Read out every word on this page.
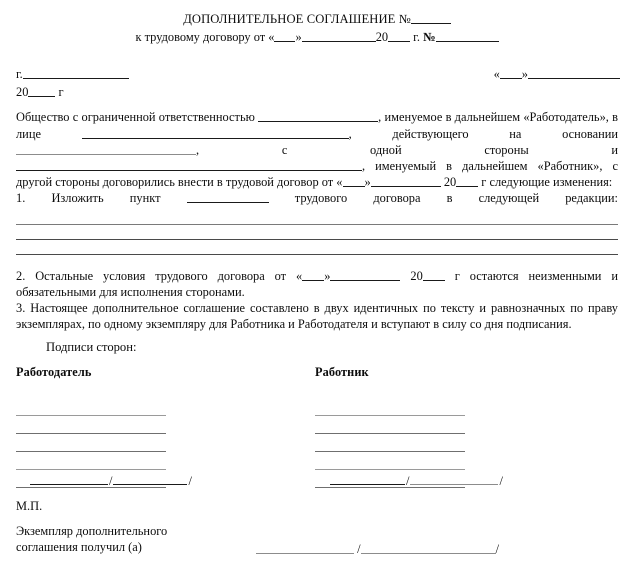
ДОПОЛНИТЕЛЬНОЕ СОГЛАШЕНИЕ №
к трудовому договору от « »	20 г. №
г.
20 г
« »
Общество с ограниченной ответственностью	, именуемое в дальнейшем «Работодатель», в лице	, действующего на основании , с одной стороны и , именуемый в дальнейшем «Работник», с другой стороны договорились внести в трудовой договор от « »	20 г следующие изменения:
1. Изложить пункт	трудового договора в следующей редакции:
2. Остальные условия трудового договора от « »	20 г остаются неизменными и обязательными для исполнения сторонами.
3. Настоящее дополнительное соглашение составлено в двух идентичных по тексту и равнозначных по праву экземплярах, по одному экземпляру для Работника и Работодателя и вступают в силу со дня подписания.
Подписи сторон:
Работодатель	Работник
/	/	/	/
М.П.
Экземпляр дополнительного
соглашения получил (а)	/	/
